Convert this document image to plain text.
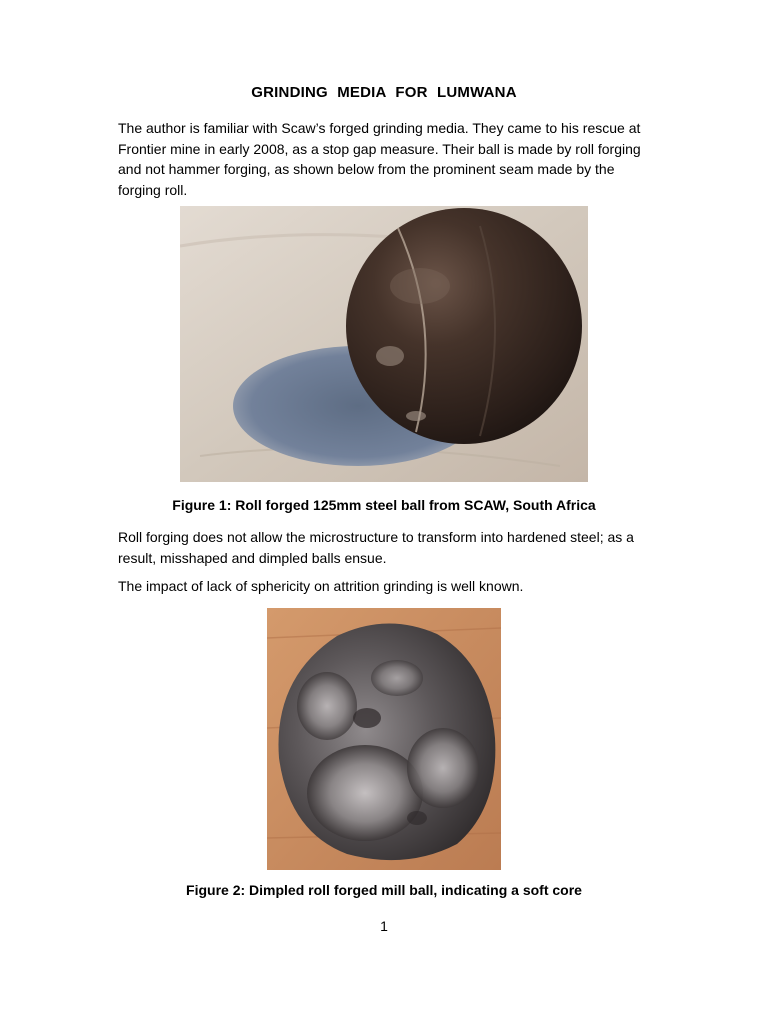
GRINDING MEDIA FOR LUMWANA

The author is familiar with Scaw’s forged grinding media. They came to his rescue at
Frontier mine in early 2008, as a stop gap measure. Their ball is made by roll forging
and not hammer forging, as shown below from the prominent seam made by the
forging roll.

Figure 1: Roll forged 125mm steel ball from SCAW, South Africa

Roll forging does not allow the microstructure to transform into hardened steel; as a
result, misshaped and dimpled balls ensue.

The impact of lack of sphericity on attrition grinding is well known.

Figure 2: Dimpled roll forged mill ball, indicating a soft core
1
